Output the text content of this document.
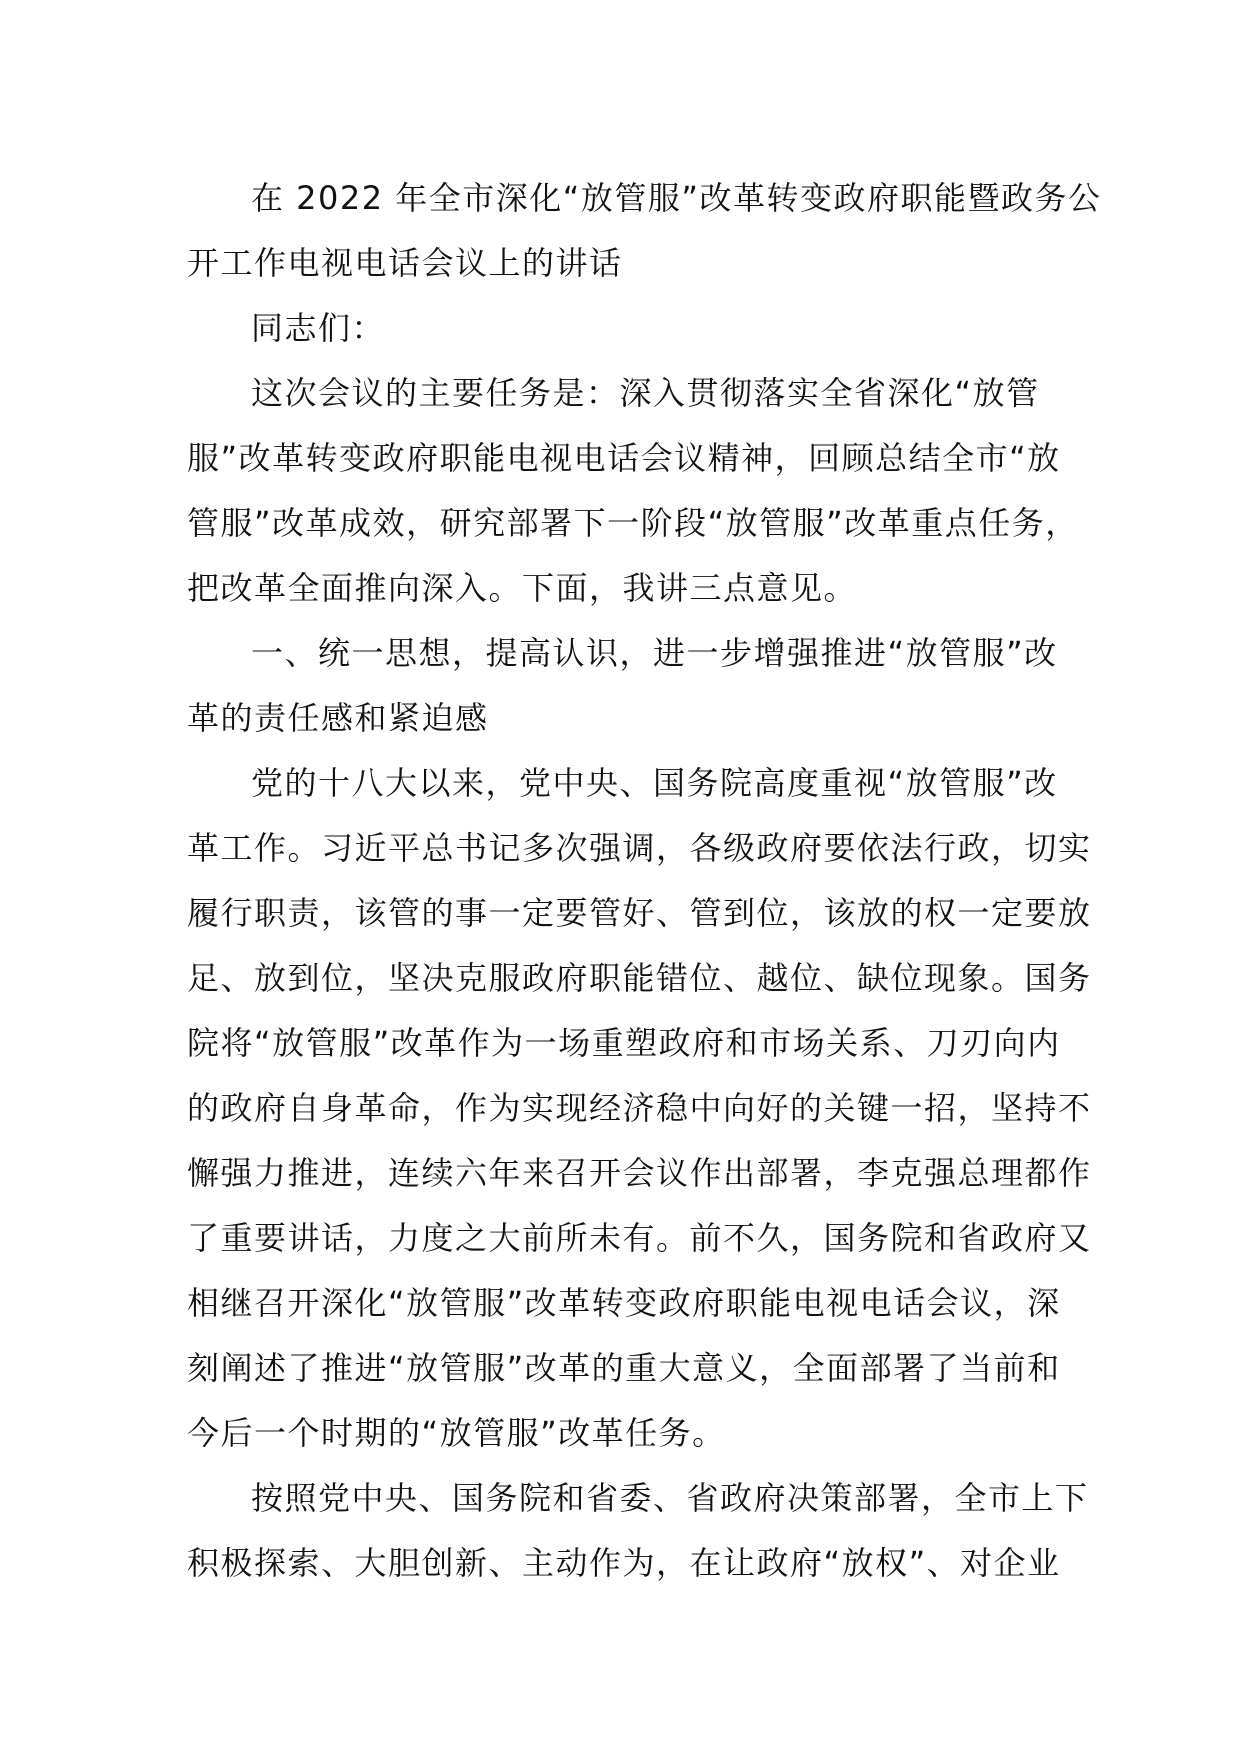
在 2022 年全市深化“放管服”改革转变政府职能暨政务公
开工作电视电话会议上的讲话
同志们：
这次会议的主要任务是：深入贯彻落实全省深化“放管
服”改革转变政府职能电视电话会议精神，回顾总结全市“放
管服”改革成效，研究部署下一阶段“放管服”改革重点任务，
把改革全面推向深入。下面，我讲三点意见。
一、统一思想，提高认识，进一步增强推进“放管服”改
革的责任感和紧迫感
党的十八大以来，党中央、国务院高度重视“放管服”改
革工作。习近平总书记多次强调，各级政府要依法行政，切实
履行职责，该管的事一定要管好、管到位，该放的权一定要放
足、放到位，坚决克服政府职能错位、越位、缺位现象。国务
院将“放管服”改革作为一场重塑政府和市场关系、刀刃向内
的政府自身革命，作为实现经济稳中向好的关键一招，坚持不
懈强力推进，连续六年来召开会议作出部署，李克强总理都作
了重要讲话，力度之大前所未有。前不久，国务院和省政府又
相继召开深化“放管服”改革转变政府职能电视电话会议，深
刻阐述了推进“放管服”改革的重大意义，全面部署了当前和
今后一个时期的“放管服”改革任务。
按照党中央、国务院和省委、省政府决策部署，全市上下
积极探索、大胆创新、主动作为，在让政府“放权”、对企业
